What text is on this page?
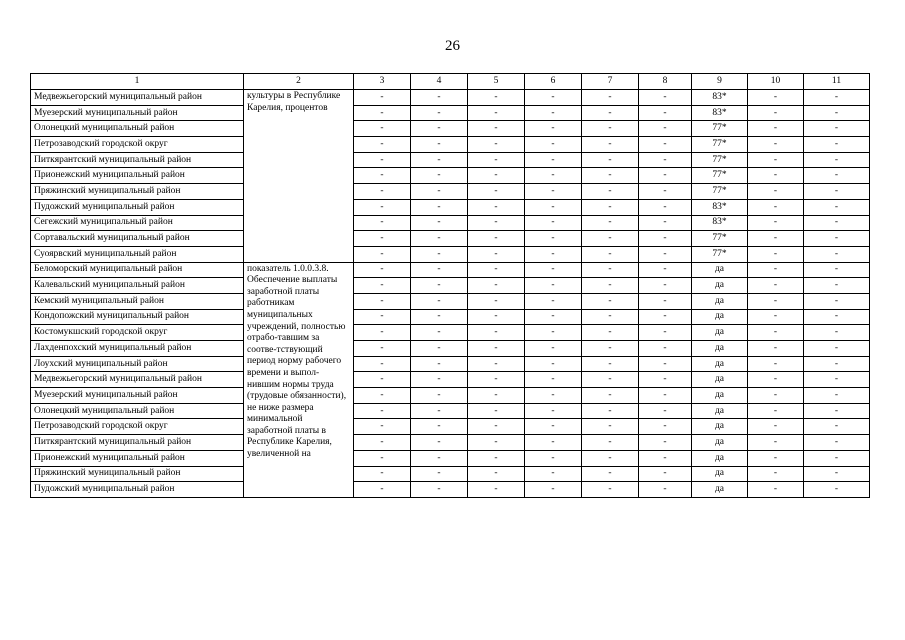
26
1	2	3	4	5	6	7	8	9	10	11
Медвежьегорский муниципальный район	культуры в Республике Карелия, процентов	-	-	-	-	-	-	83*	-	-
Муезерский муниципальный район		-	-	-	-	-	-	83*	-	-
Олонецкий муниципальный район		-	-	-	-	-	-	77*	-	-
Петрозаводский городской округ		-	-	-	-	-	-	77*	-	-
Питкярантский муниципальный район		-	-	-	-	-	-	77*	-	-
Прионежский муниципальный район		-	-	-	-	-	-	77*	-	-
Пряжинский муниципальный район		-	-	-	-	-	-	77*	-	-
Пудожский муниципальный район		-	-	-	-	-	-	83*	-	-
Сегежский муниципальный район		-	-	-	-	-	-	83*	-	-
Сортавальский муниципальный район		-	-	-	-	-	-	77*	-	-
Суоярвский муниципальный район		-	-	-	-	-	-	77*	-	-
Беломорский муниципальный район	показатель 1.0.0.3.8. Обеспечение выплаты заработной платы работникам муниципальных учреждений, полностью отрабо-тавшим за соотве-тствующий период норму рабочего времени и выпол-нившим нормы труда (трудовые обязанности), не ниже размера минимальной заработной платы в Республике Карелия, увеличенной на	-	-	-	-	-	-	да	-	-
Калевальский муниципальный район		-	-	-	-	-	-	да	-	-
Кемский муниципальный район		-	-	-	-	-	-	да	-	-
Кондопожский муниципальный район		-	-	-	-	-	-	да	-	-
Костомукшский городской округ		-	-	-	-	-	-	да	-	-
Лахденпохский муниципальный район		-	-	-	-	-	-	да	-	-
Лоухский муниципальный район		-	-	-	-	-	-	да	-	-
Медвежьегорский муниципальный район		-	-	-	-	-	-	да	-	-
Муезерский муниципальный район		-	-	-	-	-	-	да	-	-
Олонецкий муниципальный район		-	-	-	-	-	-	да	-	-
Петрозаводский городской округ		-	-	-	-	-	-	да	-	-
Питкярантский муниципальный район		-	-	-	-	-	-	да	-	-
Прионежский муниципальный район		-	-	-	-	-	-	да	-	-
Пряжинский муниципальный район		-	-	-	-	-	-	да	-	-
Пудожский муниципальный район		-	-	-	-	-	-	да	-	-
